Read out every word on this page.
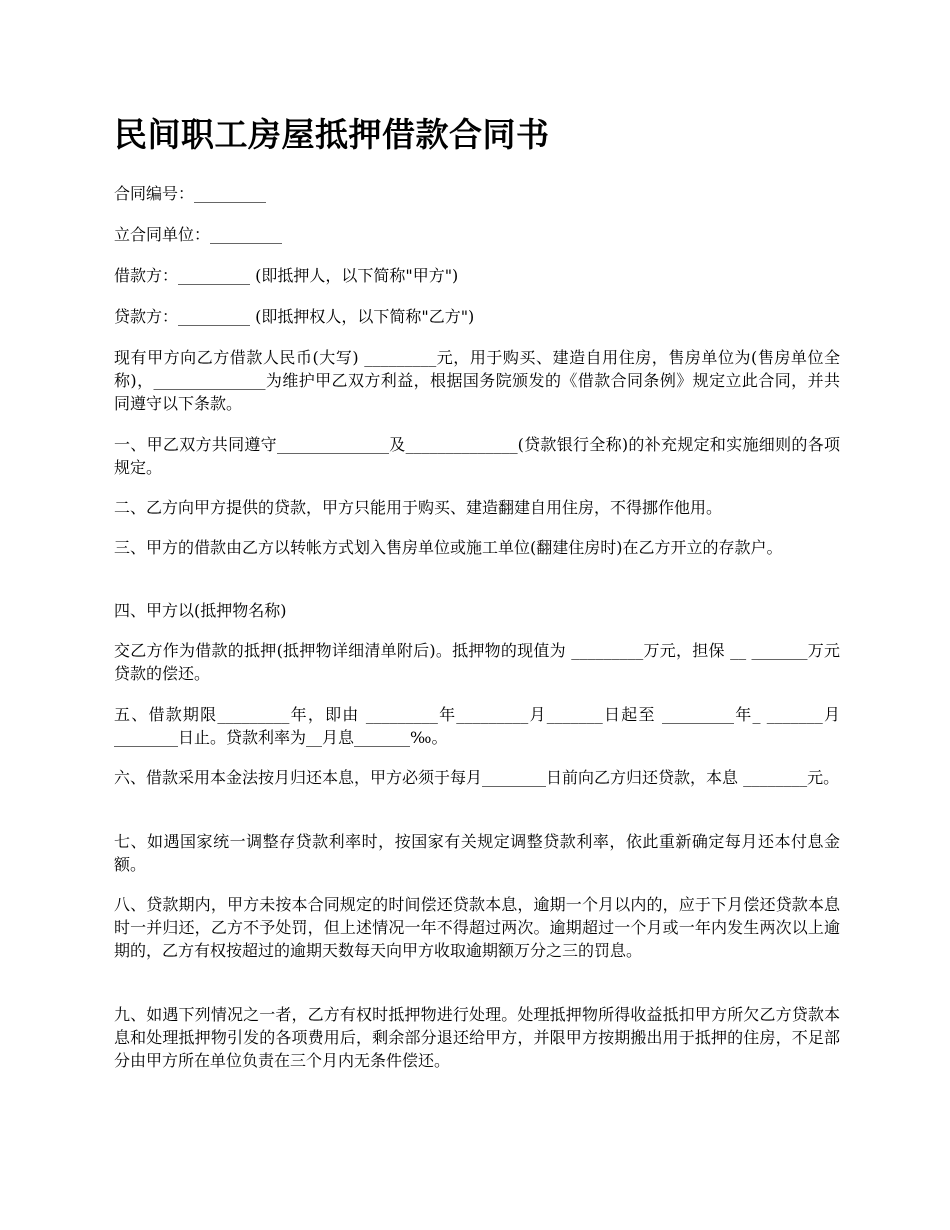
民间职工房屋抵押借款合同书

合同编号：_________

立合同单位：_________

借款方：_________ (即抵押人，以下简称"甲方")

贷款方：_________ (即抵押权人，以下简称"乙方")

现有甲方向乙方借款人民币(大写) _________元，用于购买、建造自用住房，售房单位为(售房单位全称)，______________为维护甲乙双方利益，根据国务院颁发的《借款合同条例》规定立此合同，并共同遵守以下条款。

一、甲乙双方共同遵守______________及______________(贷款银行全称)的补充规定和实施细则的各项规定。

二、乙方向甲方提供的贷款，甲方只能用于购买、建造翻建自用住房，不得挪作他用。

三、甲方的借款由乙方以转帐方式划入售房单位或施工单位(翻建住房时)在乙方开立的存款户。

四、甲方以(抵押物名称)

交乙方作为借款的抵押(抵押物详细清单附后)。抵押物的现值为 _________万元，担保 __ _______万元贷款的偿还。

五、借款期限_________年，即由 _________年_________月_______日起至 _________年_ _______月________日止。贷款利率为__月息_______‰。

六、借款采用本金法按月归还本息，甲方必须于每月________日前向乙方归还贷款，本息 ________元。

七、如遇国家统一调整存贷款利率时，按国家有关规定调整贷款利率，依此重新确定每月还本付息金额。

八、贷款期内，甲方未按本合同规定的时间偿还贷款本息，逾期一个月以内的，应于下月偿还贷款本息时一并归还，乙方不予处罚，但上述情况一年不得超过两次。逾期超过一个月或一年内发生两次以上逾期的，乙方有权按超过的逾期天数每天向甲方收取逾期额万分之三的罚息。

九、如遇下列情况之一者，乙方有权时抵押物进行处理。处理抵押物所得收益抵扣甲方所欠乙方贷款本息和处理抵押物引发的各项费用后，剩余部分退还给甲方，并限甲方按期搬出用于抵押的住房，不足部分由甲方所在单位负责在三个月内无条件偿还。
